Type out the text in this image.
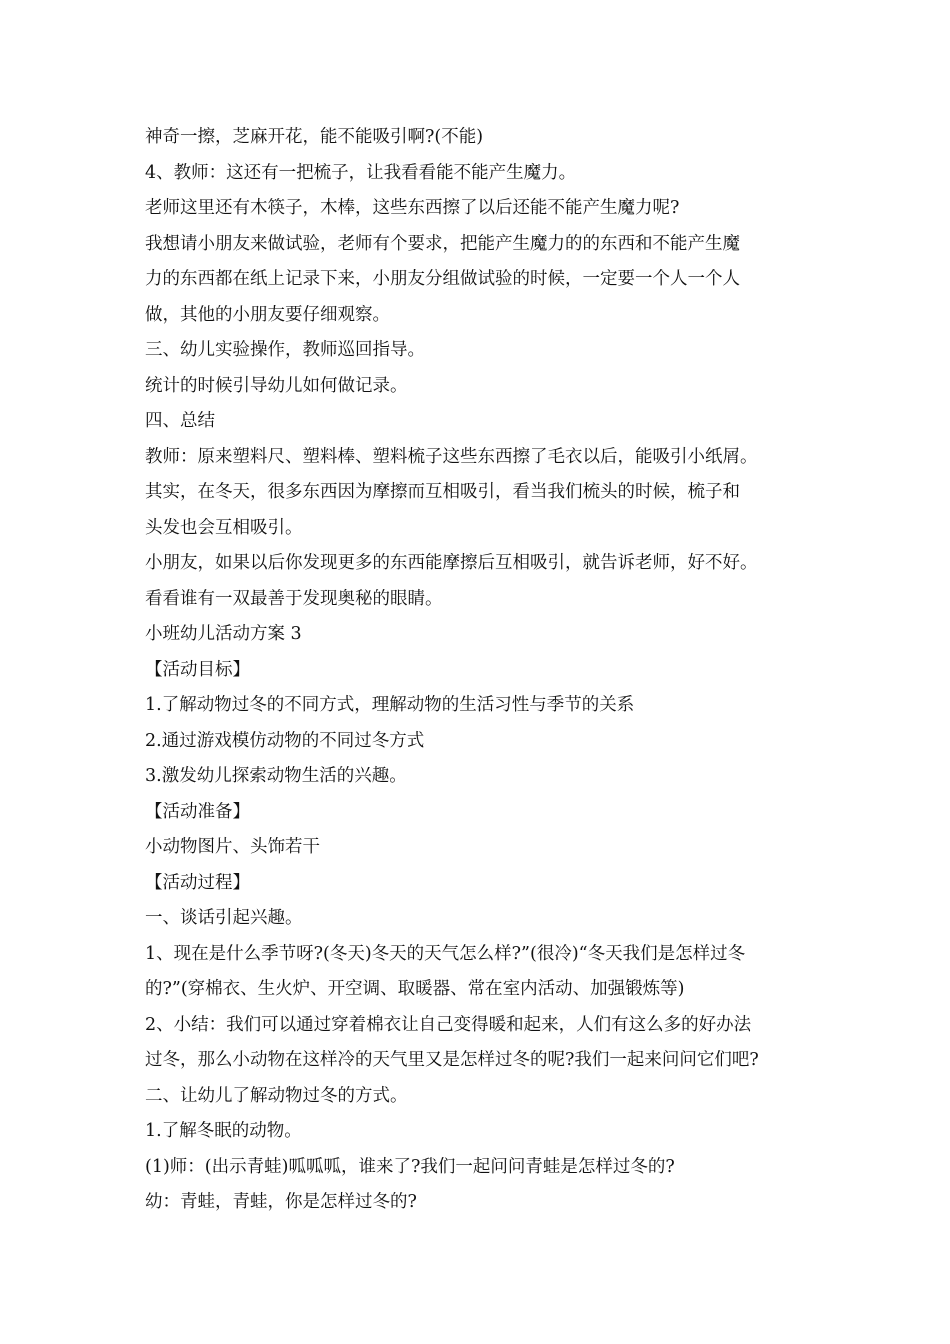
神奇一擦，芝麻开花，能不能吸引啊?(不能)

4、教师：这还有一把梳子，让我看看能不能产生魔力。

老师这里还有木筷子，木棒，这些东西擦了以后还能不能产生魔力呢?

我想请小朋友来做试验，老师有个要求，把能产生魔力的的东西和不能产生魔

力的东西都在纸上记录下来，小朋友分组做试验的时候，一定要一个人一个人

做，其他的小朋友要仔细观察。

三、幼儿实验操作，教师巡回指导。

统计的时候引导幼儿如何做记录。

四、总结

教师：原来塑料尺、塑料棒、塑料梳子这些东西擦了毛衣以后，能吸引小纸屑。

其实，在冬天，很多东西因为摩擦而互相吸引，看当我们梳头的时候，梳子和

头发也会互相吸引。

小朋友，如果以后你发现更多的东西能摩擦后互相吸引，就告诉老师，好不好。

看看谁有一双最善于发现奥秘的眼睛。

小班幼儿活动方案 3

【活动目标】

1.了解动物过冬的不同方式，理解动物的生活习性与季节的关系

2.通过游戏模仿动物的不同过冬方式

3.激发幼儿探索动物生活的兴趣。

【活动准备】

小动物图片、头饰若干

【活动过程】

一、谈话引起兴趣。

1、现在是什么季节呀?(冬天)冬天的天气怎么样?”(很冷)“冬天我们是怎样过冬

的?”(穿棉衣、生火炉、开空调、取暖器、常在室内活动、加强锻炼等)

2、小结：我们可以通过穿着棉衣让自己变得暖和起来，人们有这么多的好办法

过冬，那么小动物在这样冷的天气里又是怎样过冬的呢?我们一起来问问它们吧?

二、让幼儿了解动物过冬的方式。

1.了解冬眠的动物。

(1)师：(出示青蛙)呱呱呱，谁来了?我们一起问问青蛙是怎样过冬的?

幼：青蛙，青蛙，你是怎样过冬的?
